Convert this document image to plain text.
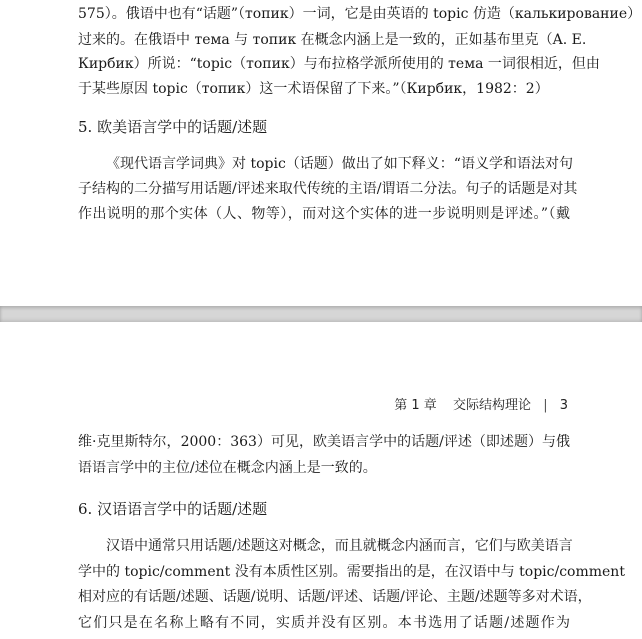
575）。俄语中也有“话题”（топик）一词，它是由英语的 topic 仿造（калькирование）
过来的。在俄语中 тема 与 топик 在概念内涵上是一致的，正如基布里克（A. E.
Кирбик）所说：“topic（топик）与布拉格学派所使用的 тема 一词很相近，但由
于某些原因 topic（топик）这一术语保留了下来。”（Кирбик，1982：2）
5. 欧美语言学中的话题/述题
《现代语言学词典》对 topic（话题）做出了如下释义：“语义学和语法对句
子结构的二分描写用话题/评述来取代传统的主语/谓语二分法。句子的话题是对其
作出说明的那个实体（人、物等），而对这个实体的进一步说明则是评述。”（戴
第 1 章 交际结构理论 | 3
维·克里斯特尔，2000：363）可见，欧美语言学中的话题/评述（即述题）与俄
语语言学中的主位/述位在概念内涵上是一致的。
6. 汉语语言学中的话题/述题
汉语中通常只用话题/述题这对概念，而且就概念内涵而言，它们与欧美语言
学中的 topic/comment 没有本质性区别。需要指出的是，在汉语中与 topic/comment
相对应的有话题/述题、话题/说明、话题/评述、话题/评论、主题/述题等多对术语，
它们只是在名称上略有不同，实质并没有区别。本书选用了话题/述题作为
